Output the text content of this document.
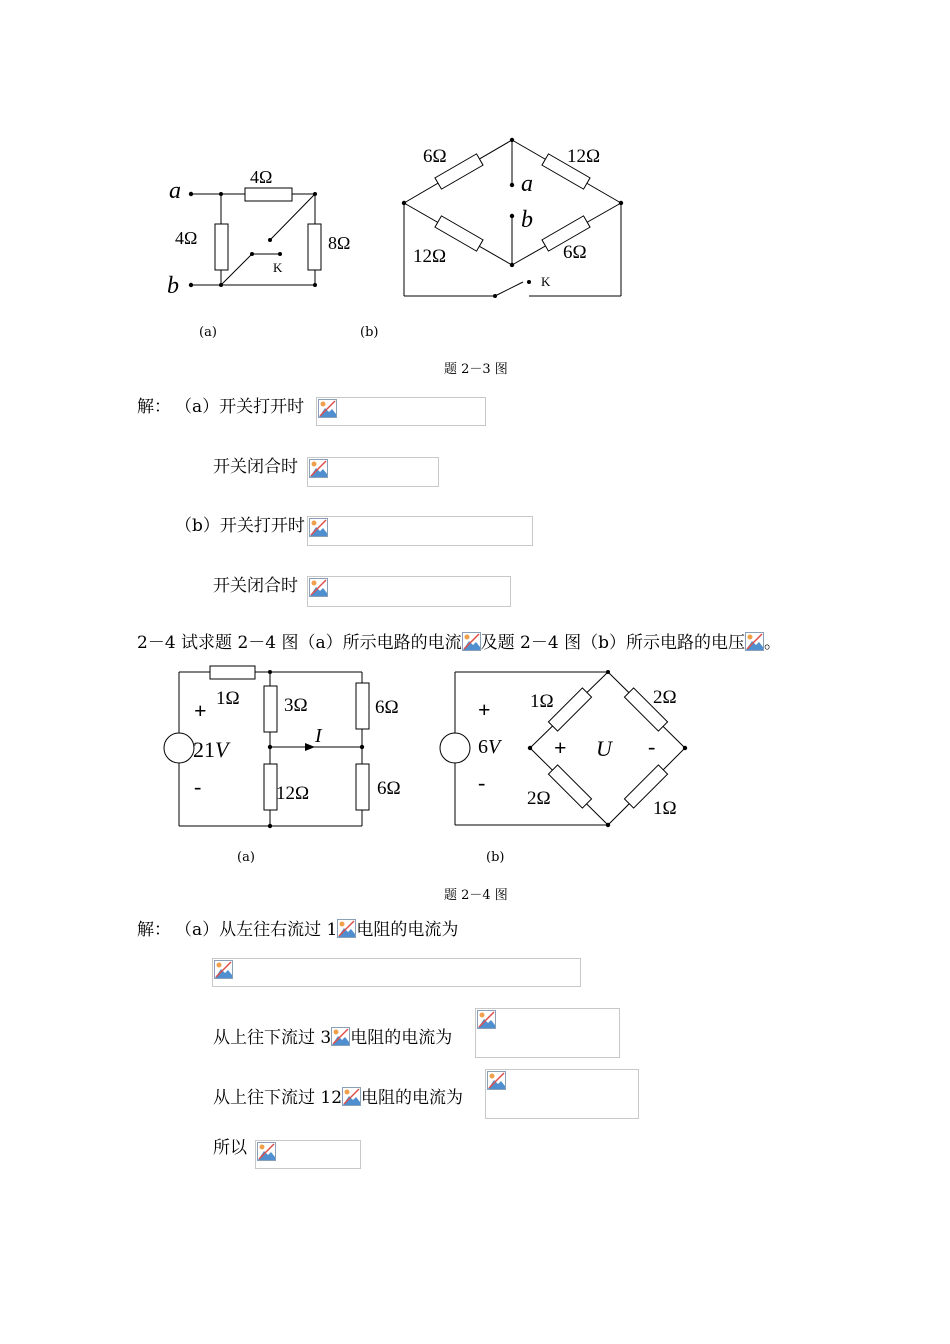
a
b
4Ω
4Ω	8Ω
K
(a)
6Ω	12Ω
12Ω	6Ω
a
b
K
(b)
题 2－3 图
解： （a）开关打开时
开关闭合时
（b）开关打开时
开关闭合时
2－4 试求题 2－4 图（a）所示电路的电流 及题 2－4 图（b）所示电路的电压 。
1Ω 3Ω	6Ω
12Ω	6Ω
+
-
21V
I
(a)
1Ω	2Ω
2Ω	1Ω
+
-
6V + U -
(b)
题 2－4 图
解： （a）从左往右流过 1 电阻的电流为
从上往下流过 3 电阻的电流为
从上往下流过 12 电阻的电流为
所以
